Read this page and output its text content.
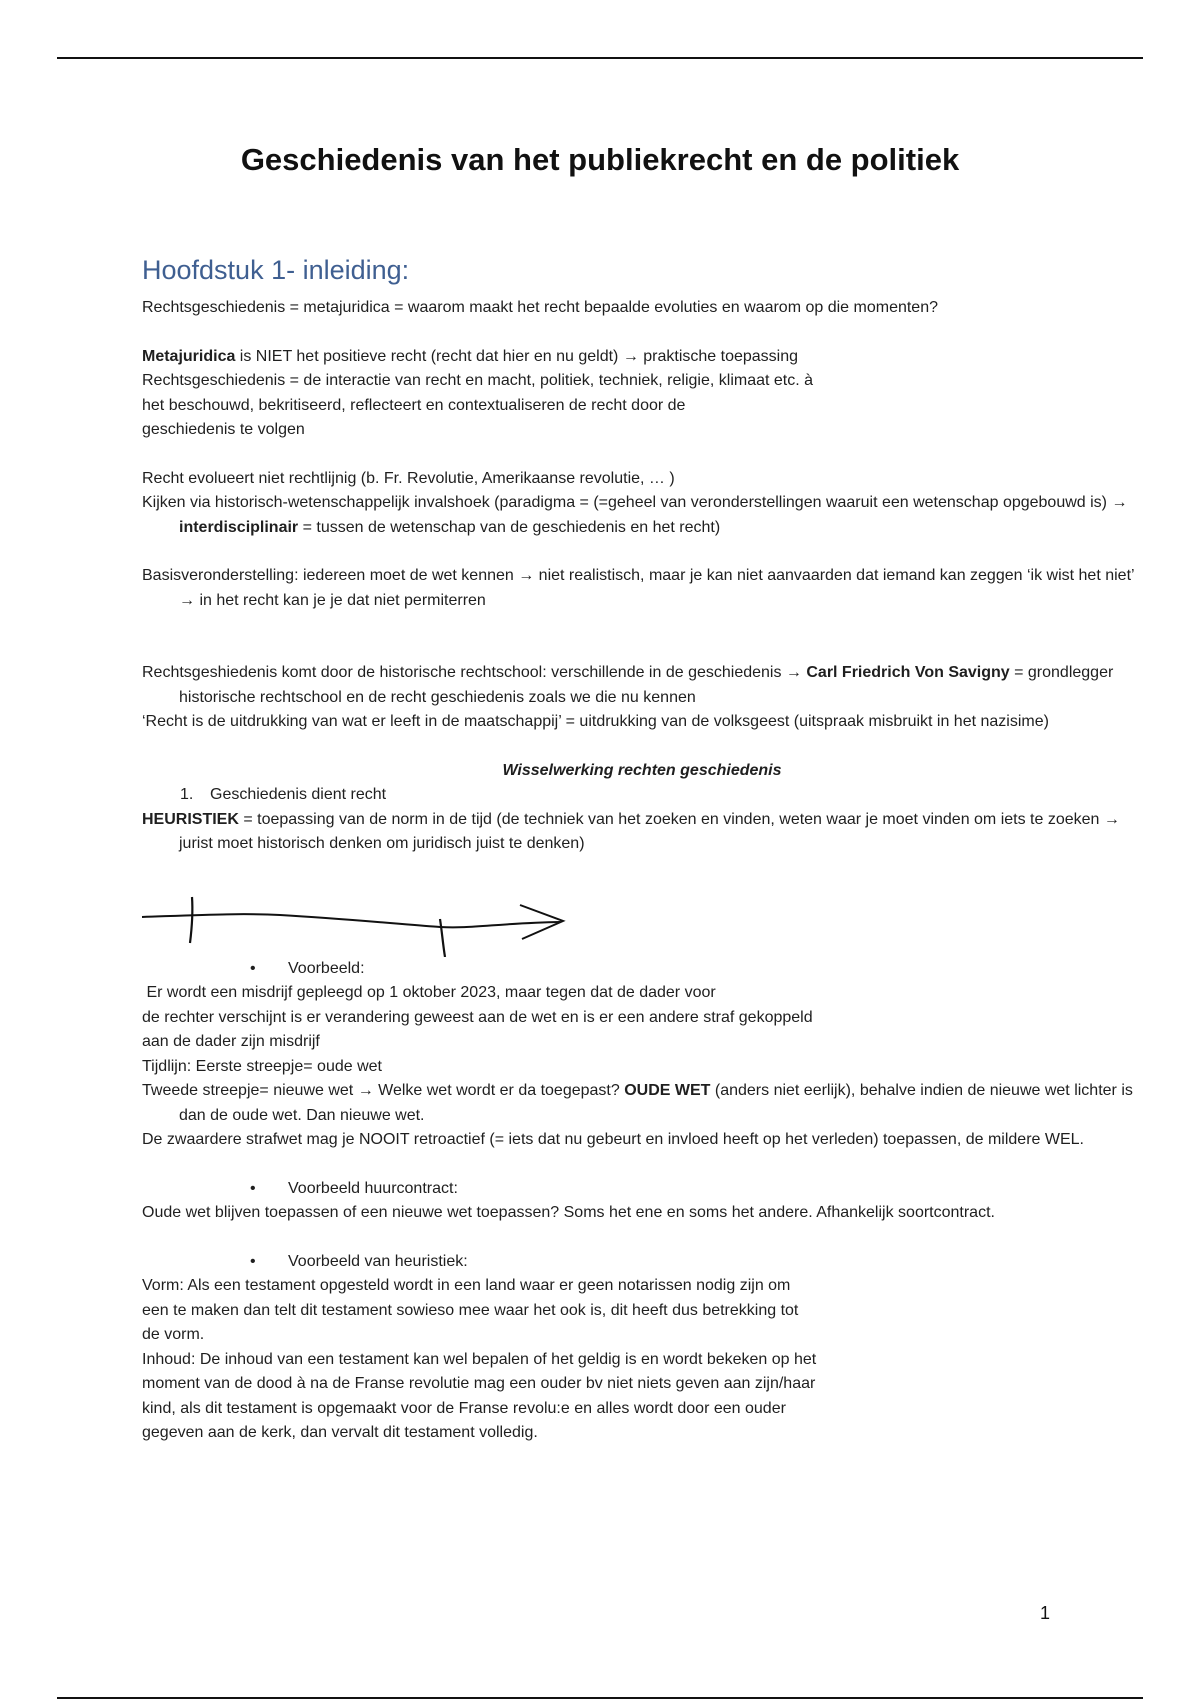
Geschiedenis van het publiekrecht en de politiek
Hoofdstuk 1- inleiding:

Rechtsgeschiedenis = metajuridica = waarom maakt het recht bepaalde evoluties en waarom op die momenten?

Metajuridica is NIET het positieve recht (recht dat hier en nu geldt) → praktische toepassing

Rechtsgeschiedenis = de interactie van recht en macht, politiek, techniek, religie, klimaat etc. à

het beschouwd, bekritiseerd, reflecteert en contextualiseren de recht door de

geschiedenis te volgen

Recht evolueert niet rechtlijnig (b. Fr. Revolutie, Amerikaanse revolutie, … )

Kijken via historisch-wetenschappelijk invalshoek (paradigma = (=geheel van veronderstellingen waaruit een wetenschap opgebouwd is) → interdisciplinair = tussen de wetenschap van de geschiedenis en het recht)

Basisveronderstelling: iedereen moet de wet kennen → niet realistisch, maar je kan niet aanvaarden dat iemand kan zeggen ‘ik wist het niet’ → in het recht kan je je dat niet permiterren

Rechtsgeshiedenis komt door de historische rechtschool: verschillende in de geschiedenis → Carl Friedrich Von Savigny = grondlegger historische rechtschool en de recht geschiedenis zoals we die nu kennen

‘Recht is de uitdrukking van wat er leeft in de maatschappij’ = uitdrukking van de volksgeest (uitspraak misbruikt in het nazisime)

Wisselwerking rechten geschiedenis

1. Geschiedenis dient recht

HEURISTIEK = toepassing van de norm in de tijd (de techniek van het zoeken en vinden, weten waar je moet vinden om iets te zoeken → jurist moet historisch denken om juridisch juist te denken)

• Voorbeeld:

Er wordt een misdrijf gepleegd op 1 oktober 2023, maar tegen dat de dader voor

de rechter verschijnt is er verandering geweest aan de wet en is er een andere straf gekoppeld

aan de dader zijn misdrijf

Tijdlijn: Eerste streepje= oude wet

Tweede streepje= nieuwe wet → Welke wet wordt er da toegepast? OUDE WET (anders niet eerlijk), behalve indien de nieuwe wet lichter is dan de oude wet. Dan nieuwe wet.

De zwaardere strafwet mag je NOOIT retroactief (= iets dat nu gebeurt en invloed heeft op het verleden) toepassen, de mildere WEL.

• Voorbeeld huurcontract:

Oude wet blijven toepassen of een nieuwe wet toepassen? Soms het ene en soms het andere. Afhankelijk soortcontract.

• Voorbeeld van heuristiek:

Vorm: Als een testament opgesteld wordt in een land waar er geen notarissen nodig zijn om

een te maken dan telt dit testament sowieso mee waar het ook is, dit heeft dus betrekking tot

de vorm.

Inhoud: De inhoud van een testament kan wel bepalen of het geldig is en wordt bekeken op het

moment van de dood à na de Franse revolutie mag een ouder bv niet niets geven aan zijn/haar

kind, als dit testament is opgemaakt voor de Franse revolu:e en alles wordt door een ouder

gegeven aan de kerk, dan vervalt dit testament volledig.

1
